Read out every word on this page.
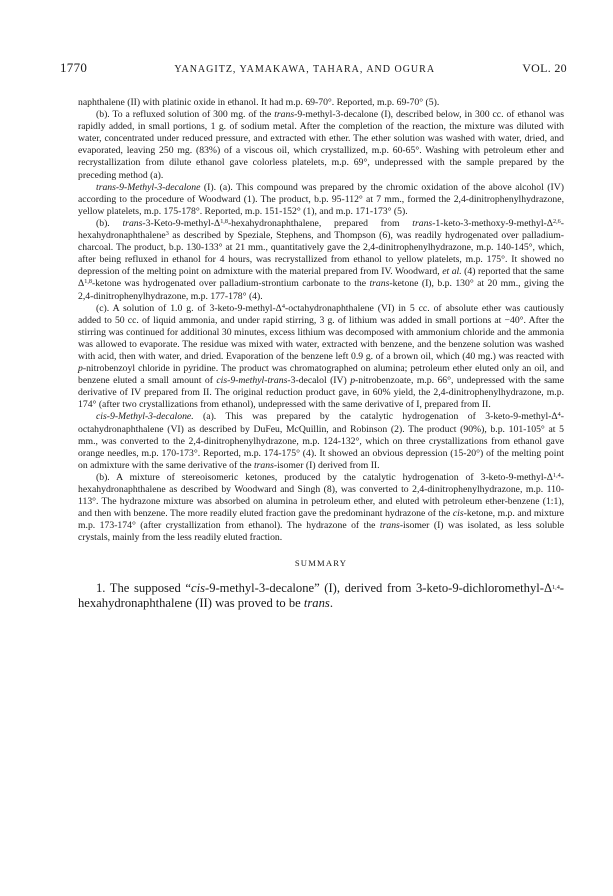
1770	YANAGITZ, YAMAKAWA, TAHARA, AND OGURA	VOL. 20

naphthalene (II) with platinic oxide in ethanol. It had m.p. 69-70°. Reported, m.p. 69-70° (5).

(b). To a refluxed solution of 300 mg. of the trans-9-methyl-3-decalone (I), described below, in 300 cc. of ethanol was rapidly added, in small portions, 1 g. of sodium metal. After the completion of the reaction, the mixture was diluted with water, concentrated under reduced pressure, and extracted with ether. The ether solution was washed with water, dried, and evaporated, leaving 250 mg. (83%) of a viscous oil, which crystallized, m.p. 60-65°. Washing with petroleum ether and recrystallization from dilute ethanol gave colorless platelets, m.p. 69°, undepressed with the sample prepared by the preceding method (a).

trans-9-Methyl-3-decalone (I). (a). This compound was prepared by the chromic oxidation of the above alcohol (IV) according to the procedure of Woodward (1). The product, b.p. 95-112° at 7 mm., formed the 2,4-dinitrophenylhydrazone, yellow platelets, m.p. 175-178°. Reported, m.p. 151-152° (1), and m.p. 171-173° (5).

(b). trans-$3-Keto-9-methyl-\Delta^{1,8}$-hexahydronaphthalene, prepared from trans-$1-keto-3-methoxy-9-methyl-\Delta^{2,6}-hexahydronaphthalene^3$ as described by Speziale, Stephens, and Thompson (6), was readily hydrogenated over palladium-charcoal. The product, b.p. 130-133° at 21 mm., quantitatively gave the 2,4-dinitrophenylhydrazone, m.p. 140-145°, which, after being refluxed in ethanol for 4 hours, was recrystallized from ethanol to yellow platelets, m.p. 175°. It showed no depression of the melting point on admixture with the material prepared from IV. Woodward, et al. (4) reported that the same Δ$^{1,8}$-ketone was hydrogenated over palladium-strontium carbonate to the trans-ketone (I), b.p. 130° at 20 mm., giving the 2,4-dinitrophenylhydrazone, m.p. 177-178° (4).

(c). A solution of 1.0 g. of $3-keto-9-methyl-\Delta^4$-octahydronaphthalene (VI) in 5 cc. of absolute ether was cautiously added to 50 cc. of liquid ammonia, and under rapid stirring, 3 g. of lithium was added in small portions at −40°. After the stirring was continued for additional 30 minutes, excess lithium was decomposed with ammonium chloride and the ammonia was allowed to evaporate. The residue was mixed with water, extracted with benzene, and the benzene solution was washed with acid, then with water, and dried. Evaporation of the benzene left 0.9 g. of a brown oil, which (40 mg.) was reacted with p-nitrobenzoyl chloride in pyridine. The product was chromatographed on alumina; petroleum ether eluted only an oil, and benzene eluted a small amount of cis-9-methyl-trans-3-decalol (IV) p-nitrobenzoate, m.p. 66°, undepressed with the same derivative of IV prepared from II. The original reduction product gave, in 60% yield, the 2,4-dinitrophenylhydrazone, m.p. 174° (after two crystallizations from ethanol), undepressed with the same derivative of I, prepared from II.

cis-9-Methyl-3-decalone. (a). This was prepared by the catalytic hydrogenation of $3-keto-9-methyl-\Delta^4$-octahydronaphthalene (VI) as described by DuFeu, McQuillin, and Robinson (2). The product (90%), b.p. 101-105° at 5 mm., was converted to the 2,4-dinitrophenylhydrazone, m.p. 124-132°, which on three crystallizations from ethanol gave orange needles, m.p. 170-173°. Reported, m.p. 174-175° (4). It showed an obvious depression (15-20°) of the melting point on admixture with the same derivative of the trans-isomer (I) derived from II.

(b). A mixture of stereoisomeric ketones, produced by the catalytic hydrogenation of $3-keto-9-methyl-\Delta^{1,4}$-hexahydronaphthalene as described by Woodward and Singh (8), was converted to 2,4-dinitrophenylhydrazone, m.p. 110-113°. The hydrazone mixture was absorbed on alumina in petroleum ether, and eluted with petroleum ether-benzene (1:1), and then with benzene. The more readily eluted fraction gave the predominant hydrazone of the cis-ketone, m.p. and mixture m.p. 173-174° (after crystallization from ethanol). The hydrazone of the trans-isomer (I) was isolated, as less soluble crystals, mainly from the less readily eluted fraction.

SUMMARY

1. The supposed “cis-9-methyl-3-decalone” (I), derived from $3-keto-9-dichloromethyl-\Delta^{1,4}$-hexahydronaphthalene (II) was proved to be trans.
